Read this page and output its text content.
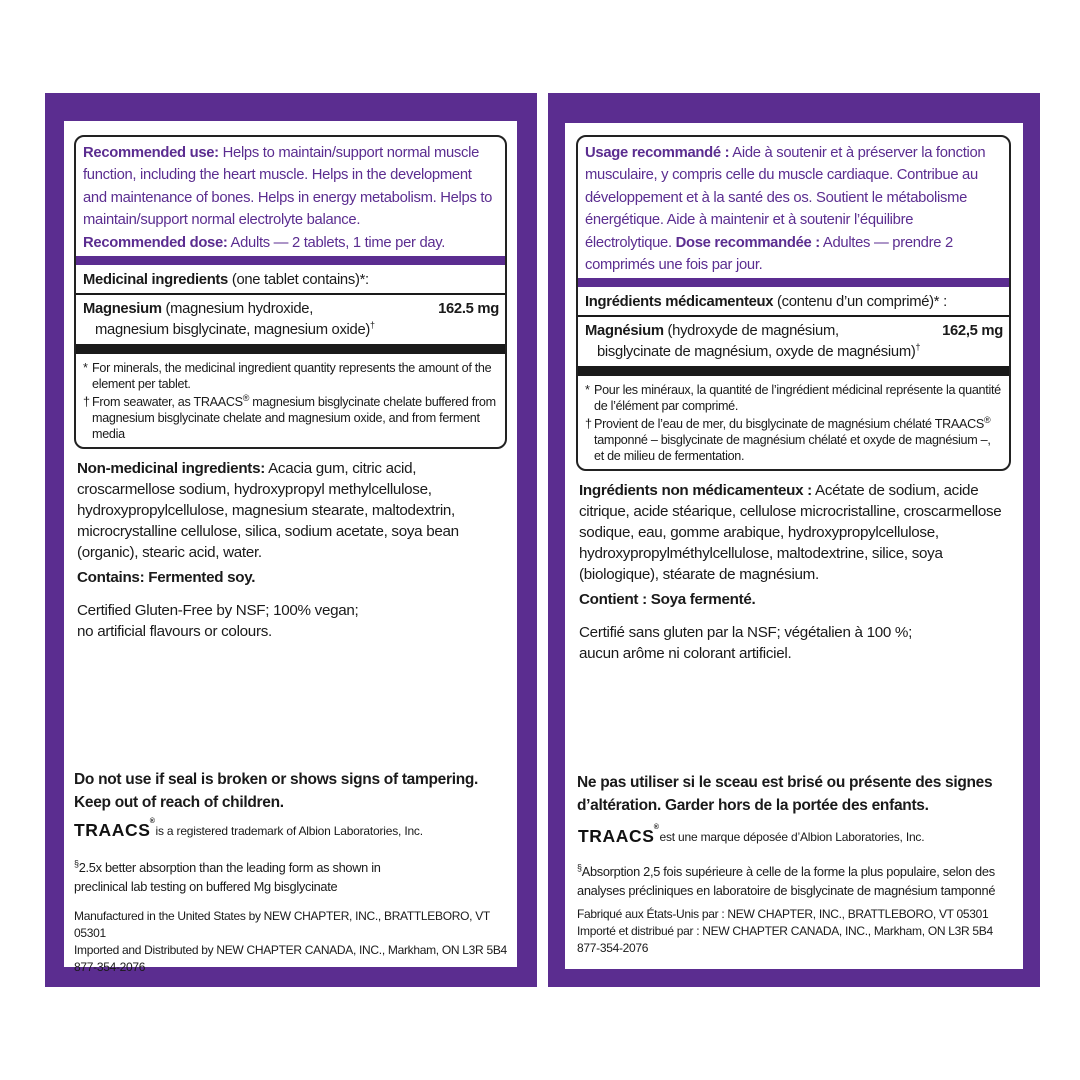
Recommended use: Helps to maintain/support normal muscle function, including the heart muscle. Helps in the development and maintenance of bones. Helps in energy metabolism. Helps to maintain/support normal electrolyte balance.
Recommended dose: Adults — 2 tablets, 1 time per day.
Medicinal ingredients (one tablet contains)*:
Magnesium (magnesium hydroxide,	162.5 mg
magnesium bisglycinate, magnesium oxide)†
* For minerals, the medicinal ingredient quantity represents the amount of the element per tablet.
† From seawater, as TRAACS® magnesium bisglycinate chelate buffered from magnesium bisglycinate chelate and magnesium oxide, and from ferment media
Non-medicinal ingredients: Acacia gum, citric acid, croscarmellose sodium, hydroxypropyl methylcellulose, hydroxypropylcellulose, magnesium stearate, maltodextrin, microcrystalline cellulose, silica, sodium acetate, soya bean (organic), stearic acid, water.
Contains: Fermented soy.
Certified Gluten-Free by NSF; 100% vegan;
no artificial flavours or colours.
Do not use if seal is broken or shows signs of tampering.
Keep out of reach of children.
TRAACS ®
is a registered trademark of Albion Laboratories, Inc.
§2.5x better absorption than the leading form as shown in
preclinical lab testing on buffered Mg bisglycinate
Manufactured in the United States by NEW CHAPTER, INC., BRATTLEBORO, VT 05301
Imported and Distributed by NEW CHAPTER CANADA, INC., Markham, ON L3R 5B4
877-354-2076
Usage recommandé : Aide à soutenir et à préserver la fonction musculaire, y compris celle du muscle cardiaque. Contribue au développement et à la santé des os. Soutient le métabolisme énergétique. Aide à maintenir et à soutenir l’équilibre électrolytique. Dose recommandée : Adultes — prendre 2 comprimés une fois par jour.
Ingrédients médicamenteux (contenu d’un comprimé)* :
Magnésium (hydroxyde de magnésium,	162,5 mg
bisglycinate de magnésium, oxyde de magnésium)†
* Pour les minéraux, la quantité de l’ingrédient médicinal représente la quantité de l’élément par comprimé.
† Provient de l’eau de mer, du bisglycinate de magnésium chélaté TRAACS® tamponné – bisglycinate de magnésium chélaté et oxyde de magnésium –, et de milieu de fermentation.
Ingrédients non médicamenteux : Acétate de sodium, acide citrique, acide stéarique, cellulose microcristalline, croscarmellose sodique, eau, gomme arabique, hydroxypropylcellulose, hydroxypropylméthylcellulose, maltodextrine, silice, soya (biologique), stéarate de magnésium.
Contient : Soya fermenté.
Certifié sans gluten par la NSF; végétalien à 100 %;
aucun arôme ni colorant artificiel.
Ne pas utiliser si le sceau est brisé ou présente des signes
d’altération. Garder hors de la portée des enfants.
TRAACS ®
est une marque déposée d’Albion Laboratories, Inc.
§Absorption 2,5 fois supérieure à celle de la forme la plus populaire, selon des
analyses précliniques en laboratoire de bisglycinate de magnésium tamponné
Fabriqué aux États-Unis par : NEW CHAPTER, INC., BRATTLEBORO, VT 05301
Importé et distribué par : NEW CHAPTER CANADA, INC., Markham, ON L3R 5B4
877-354-2076
